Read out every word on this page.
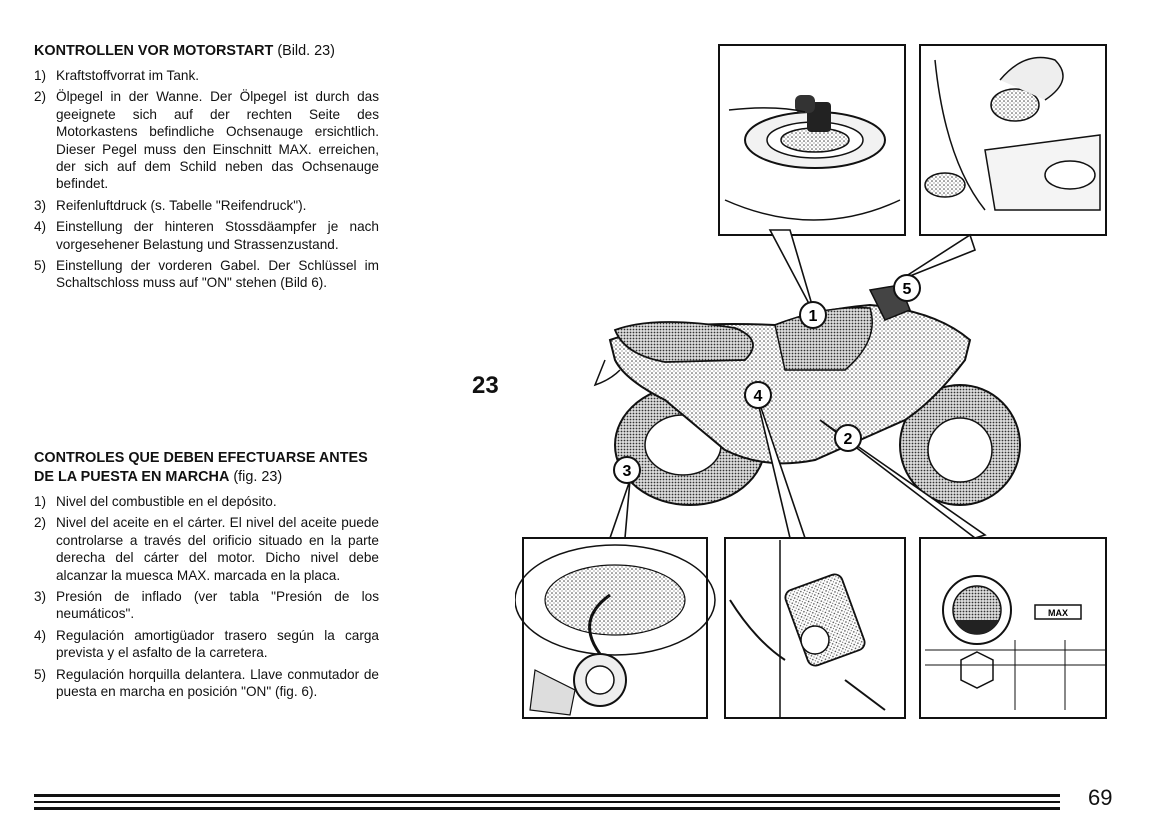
KONTROLLEN VOR MOTORSTART (Bild. 23)
1) Kraftstoffvorrat im Tank.
2) Ölpegel in der Wanne. Der Ölpegel ist durch das geeignete sich auf der rechten Seite des Motorkastens befindliche Ochsenauge ersichtlich. Dieser Pegel muss den Einschnitt MAX. erreichen, der sich auf dem Schild neben das Ochsenauge befindet.
3) Reifenluftdruck (s. Tabelle "Reifendruck").
4) Einstellung der hinteren Stossdäampfer je nach vorgesehener Belastung und Strassenzustand.
5) Einstellung der vorderen Gabel. Der Schlüssel im Schaltschloss muss auf "ON" stehen (Bild 6).
CONTROLES QUE DEBEN EFECTUARSE ANTES DE LA PUESTA EN MARCHA (fig. 23)
1) Nivel del combustible en el depósito.
2) Nivel del aceite en el cárter. El nivel del aceite puede controlarse a través del orificio situado en la parte derecha del cárter del motor. Dicho nivel debe alcanzar la muesca MAX. marcada en la placa.
3) Presión de inflado (ver tabla "Presión de los neumáticos".
4) Regulación amortigüador trasero según la carga prevista y el asfalto de la carretera.
5) Regulación horquilla delantera. Llave conmutador de puesta en marcha en posición "ON" (fig. 6).
23
1
2
3
4
5
MAX
69
